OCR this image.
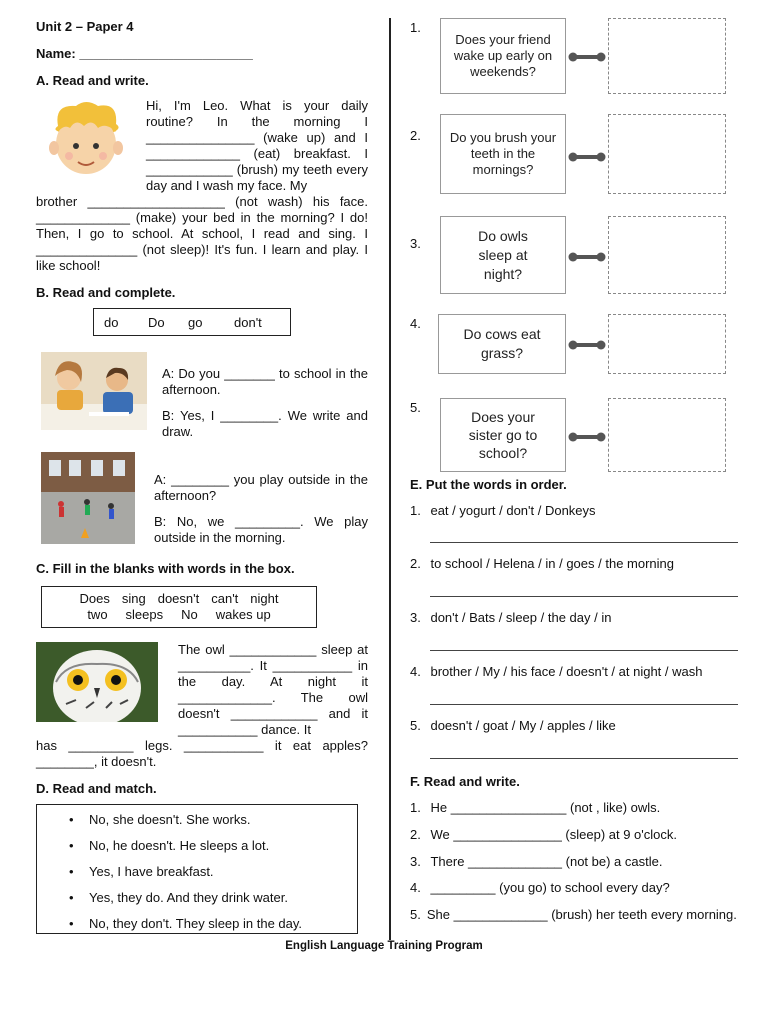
Unit 2 – Paper 4
Name: ________________________
A. Read and write.
Hi, I'm Leo. What is your daily routine? In the morning I _______________ (wake up) and I _____________ (eat) breakfast. I ____________ (brush) my teeth every day and I wash my face. My
brother ___________________ (not wash) his face. _____________ (make) your bed in the morning? I do! Then, I go to school. At school, I read and sing. I ______________ (not sleep)! It's fun. I learn and play. I like school!
B. Read and complete.
do	Do	go	don't
A: Do you _______ to school in the afternoon.
B: Yes, I ________. We write and draw.
A: ________ you play outside in the afternoon?
B: No, we _________. We play outside in the morning.
C. Fill in the blanks with words in the box.
Does sing doesn't can't night
two sleeps No wakes up
The owl ____________ sleep at __________. It ___________ in the day. At night it _____________. The owl doesn't ____________ and it ___________ dance. It
has _________ legs. ___________ it eat apples? ________, it doesn't.
D. Read and match.
• No, she doesn't. She works.
• No, he doesn't. He sleeps a lot.
• Yes, I have breakfast.
• Yes, they do. And they drink water.
• No, they don't. They sleep in the day.
1.
Does your friend wake up early on weekends?
2.	Do you brush your teeth in the mornings?
3.	Do owls sleep at night?
4.
Do cows eat grass?
5.
Does your sister go to school?
E. Put the words in order.
1. eat / yogurt / don't / Donkeys
2. to school / Helena / in / goes / the morning
3. don't / Bats / sleep / the day / in
4. brother / My / his face / doesn't / at night / wash
5. doesn't / goat / My / apples / like
F. Read and write.
1. He ________________ (not , like) owls.
2. We _______________ (sleep) at 9 o'clock.
3. There _____________ (not be) a castle.
4. _________ (you go) to school every day?
5. She _____________ (brush) her teeth every morning.
English Language Training Program
